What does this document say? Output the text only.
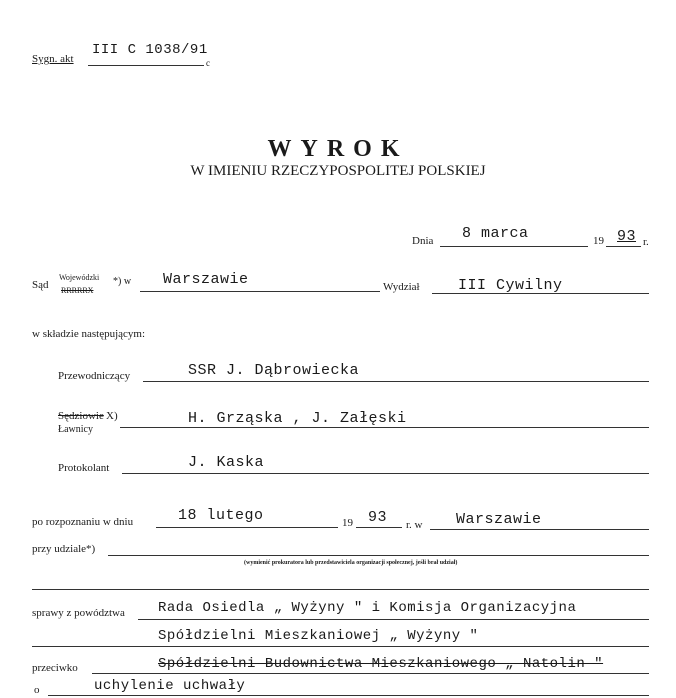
Sygn. akt
III C 1038/91
c
WYROK
W IMIENIU RZECZYPOSPOLITEJ POLSKIEJ
Dnia 8 marca	19 93 r.
Sąd
Wojewódzki
RRRRRX
*) w Warszawie	Wydział	III Cywilny
w składzie następującym:
Przewodniczący	SSR J. Dąbrowiecka
Sędziowie X)
Ławnicy
H. Grząska , J. Załęski
Protokolant	J. Kaska
po rozpoznaniu w dniu	18 lutego	19 93 r. w Warszawie
przy udziale*)
(wymienić prokuratora lub przedstawiciela organizacji społecznej, jeśli brał udział)
sprawy z powództwa Rada Osiedla „ Wyżyny " i Komisja Organizacyjna
Spółdzielni Mieszkaniowej „ Wyżyny "
przeciwko	Spółdzielni Budownictwa Mieszkaniowego „ Natolin "
o	uchylenie uchwały
